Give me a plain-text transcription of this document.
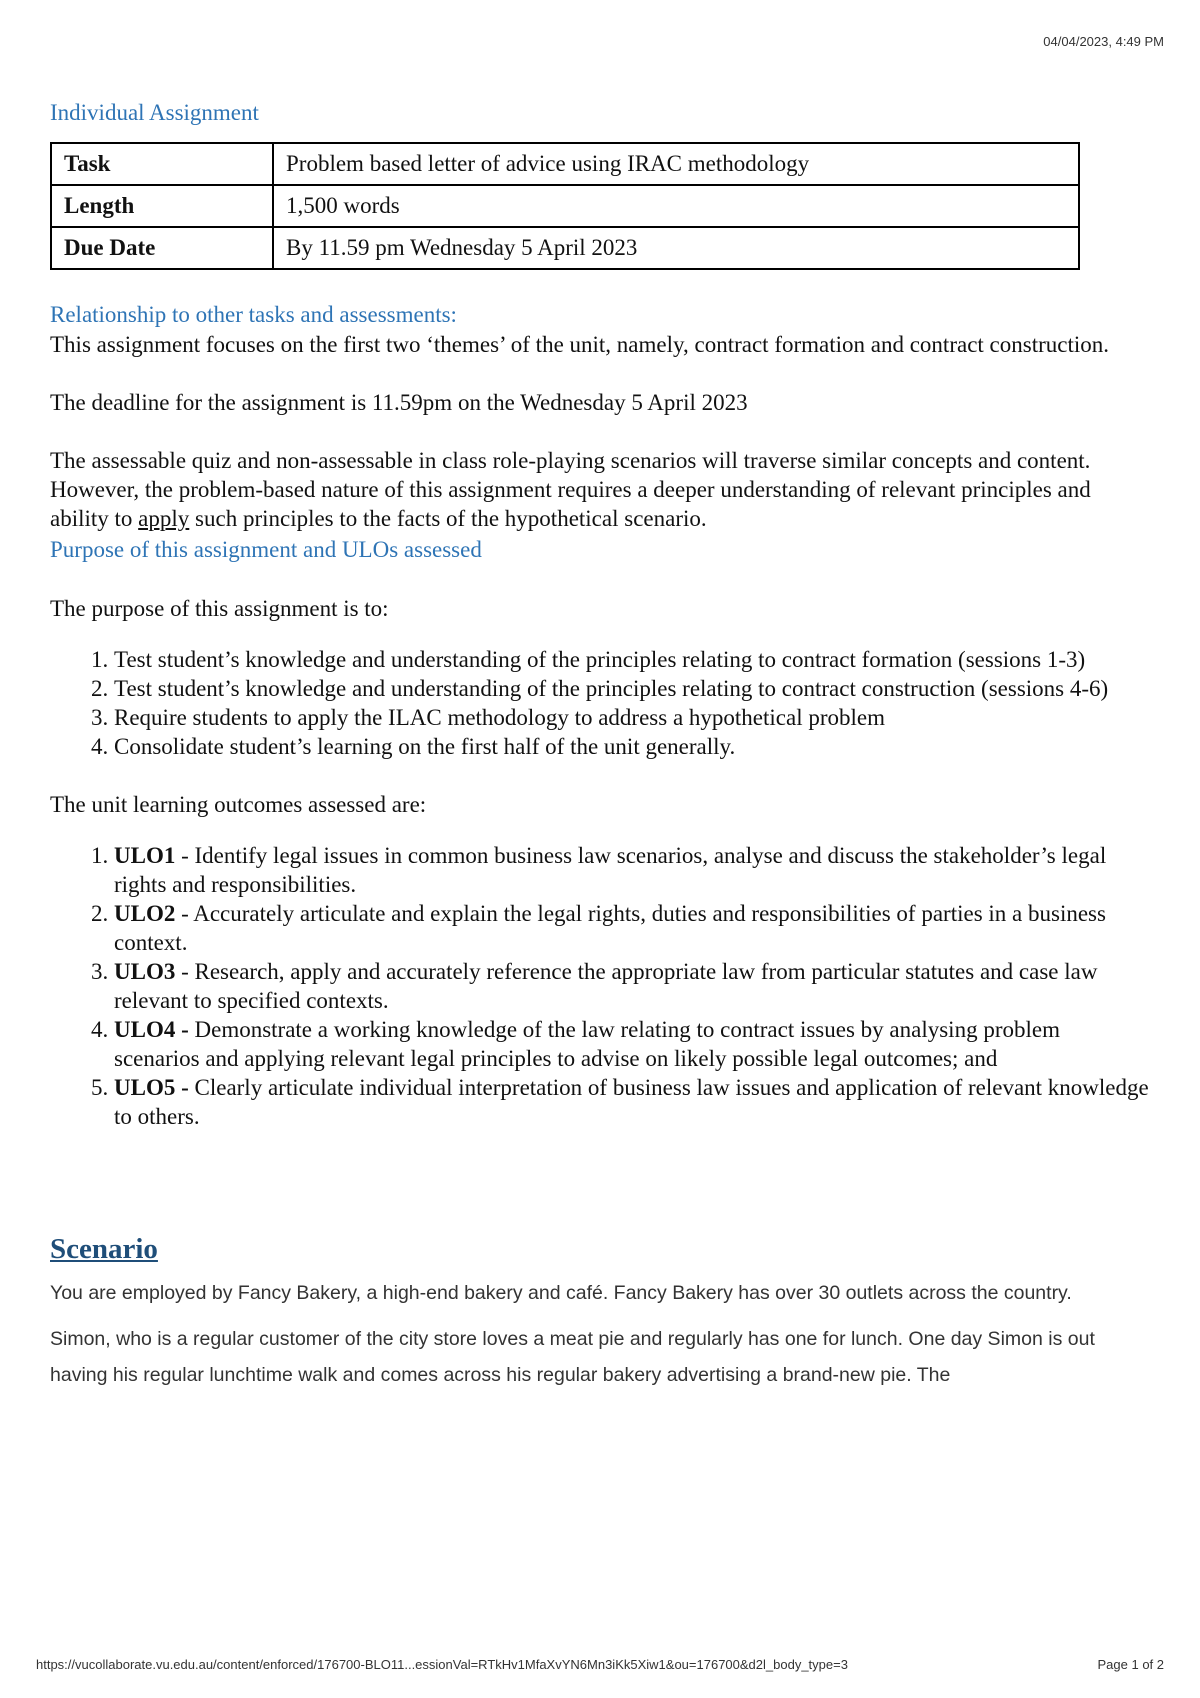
04/04/2023, 4:49 PM
Individual Assignment
Task	Problem based letter of advice using IRAC methodology
Length	1,500 words
Due Date	By 11.59 pm Wednesday 5 April 2023
Relationship to other tasks and assessments:

This assignment focuses on the first two ‘themes’ of the unit, namely, contract formation and contract construction.

The deadline for the assignment is 11.59pm on the Wednesday 5 April 2023

The assessable quiz and non-assessable in class role-playing scenarios will traverse similar concepts and content. However, the problem-based nature of this assignment requires a deeper understanding of relevant principles and ability to apply such principles to the facts of the hypothetical scenario.

Purpose of this assignment and ULOs assessed

The purpose of this assignment is to:

1. Test student’s knowledge and understanding of the principles relating to contract formation (sessions 1-3)
2. Test student’s knowledge and understanding of the principles relating to contract construction (sessions 4-6)
3. Require students to apply the ILAC methodology to address a hypothetical problem
4. Consolidate student’s learning on the first half of the unit generally.

The unit learning outcomes assessed are:

1. ULO1 - Identify legal issues in common business law scenarios, analyse and discuss the stakeholder’s legal rights and responsibilities.
2. ULO2 - Accurately articulate and explain the legal rights, duties and responsibilities of parties in a business context.
3. ULO3 - Research, apply and accurately reference the appropriate law from particular statutes and case law relevant to specified contexts.
4. ULO4 - Demonstrate a working knowledge of the law relating to contract issues by analysing problem scenarios and applying relevant legal principles to advise on likely possible legal outcomes; and
5. ULO5 - Clearly articulate individual interpretation of business law issues and application of relevant knowledge to others.
Scenario

You are employed by Fancy Bakery, a high-end bakery and café. Fancy Bakery has over 30 outlets across the country.

Simon, who is a regular customer of the city store loves a meat pie and regularly has one for lunch. One day Simon is out having his regular lunchtime walk and comes across his regular bakery advertising a brand-new pie. The

https://vucollaborate.vu.edu.au/content/enforced/176700-BLO11...essionVal=RTkHv1MfaXvYN6Mn3iKk5Xiw1&ou=176700&d2l_body_type=3	Page 1 of 2
